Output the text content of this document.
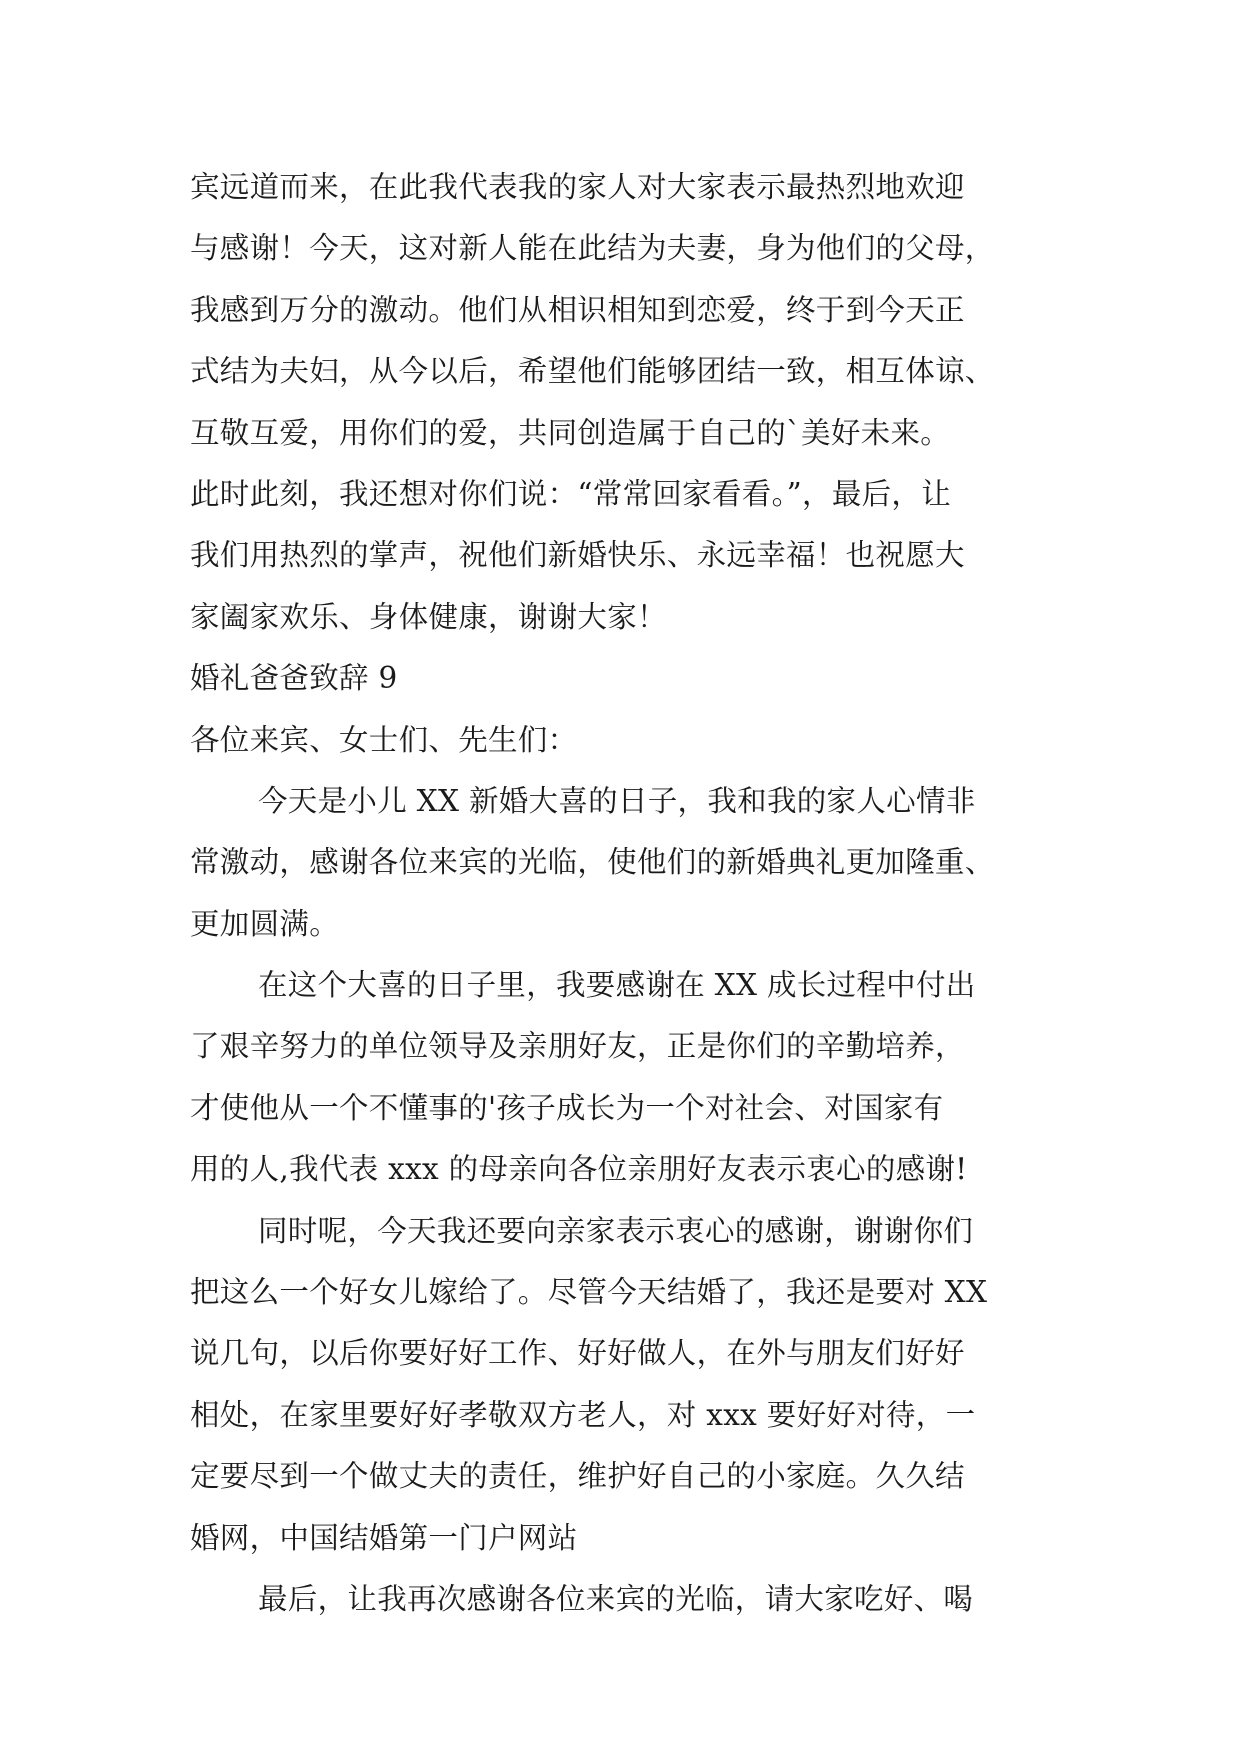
宾远道而来，在此我代表我的家人对大家表示最热烈地欢迎
与感谢！今天，这对新人能在此结为夫妻，身为他们的父母，
我感到万分的激动。他们从相识相知到恋爱，终于到今天正
式结为夫妇，从今以后，希望他们能够团结一致，相互体谅、
互敬互爱，用你们的爱，共同创造属于自己的`美好未来。
此时此刻，我还想对你们说：“常常回家看看。”，最后，让
我们用热烈的掌声，祝他们新婚快乐、永远幸福！也祝愿大
家阖家欢乐、身体健康，谢谢大家！
婚礼爸爸致辞 9
各位来宾、女士们、先生们：
今天是小儿 XX 新婚大喜的日子，我和我的家人心情非
常激动，感谢各位来宾的光临，使他们的新婚典礼更加隆重、
更加圆满。
在这个大喜的日子里，我要感谢在 XX 成长过程中付出
了艰辛努力的单位领导及亲朋好友，正是你们的辛勤培养，
才使他从一个不懂事的'孩子成长为一个对社会、对国家有
用的人,我代表 xxx 的母亲向各位亲朋好友表示衷心的感谢!
同时呢，今天我还要向亲家表示衷心的感谢，谢谢你们
把这么一个好女儿嫁给了。尽管今天结婚了，我还是要对 XX
说几句，以后你要好好工作、好好做人，在外与朋友们好好
相处，在家里要好好孝敬双方老人，对 xxx 要好好对待，一
定要尽到一个做丈夫的责任，维护好自己的小家庭。久久结
婚网，中国结婚第一门户网站
最后，让我再次感谢各位来宾的光临，请大家吃好、喝
